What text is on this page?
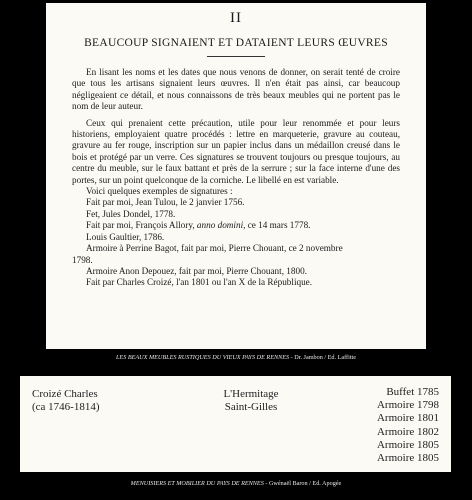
II
BEAUCOUP SIGNAIENT ET DATAIENT LEURS ŒUVRES

En lisant les noms et les dates que nous venons de donner, on serait tenté de croire que tous les artisans signaient leurs œuvres. Il n'en était pas ainsi, car beaucoup négligeaient ce détail, et nous connaissons de très beaux meubles qui ne portent pas le nom de leur auteur.

Ceux qui prenaient cette précaution, utile pour leur renommée et pour leurs historiens, employaient quatre procédés : lettre en marqueterie, gravure au couteau, gravure au fer rouge, inscription sur un papier inclus dans un médaillon creusé dans le bois et protégé par un verre. Ces signatures se trouvent toujours ou presque toujours, au centre du meuble, sur le faux battant et près de la serrure ; sur la face interne d'une des portes, sur un point quelconque de la corniche. Le libellé en est variable.

Voici quelques exemples de signatures :
Fait par moi, Jean Tulou, le 2 janvier 1756.
Fet, Jules Dondel, 1778.
Fait par moi, François Allory, anno domini, ce 14 mars 1778.
Louis Gaultier, 1786.
Armoire à Perrine Bagot, fait par moi, Pierre Chouant, ce 2 novembre
1798.
Armoire Anon Depouez, fait par moi, Pierre Chouant, 1800.
Fait par Charles Croizé, l'an 1801 ou l'an X de la République.
LES BEAUX MEUBLES RUSTIQUES DU VIEUX PAYS DE RENNES - Dr. Jambon / Ed. Laffitte
Croizé Charles
(ca 1746-1814)
L'Hermitage
Saint-Gilles
Buffet 1785
Armoire 1798
Armoire 1801
Armoire 1802
Armoire 1805
Armoire 1805
MENUISIERS ET MOBILIER DU PAYS DE RENNES - Gwénaël Baron / Ed. Apogée
